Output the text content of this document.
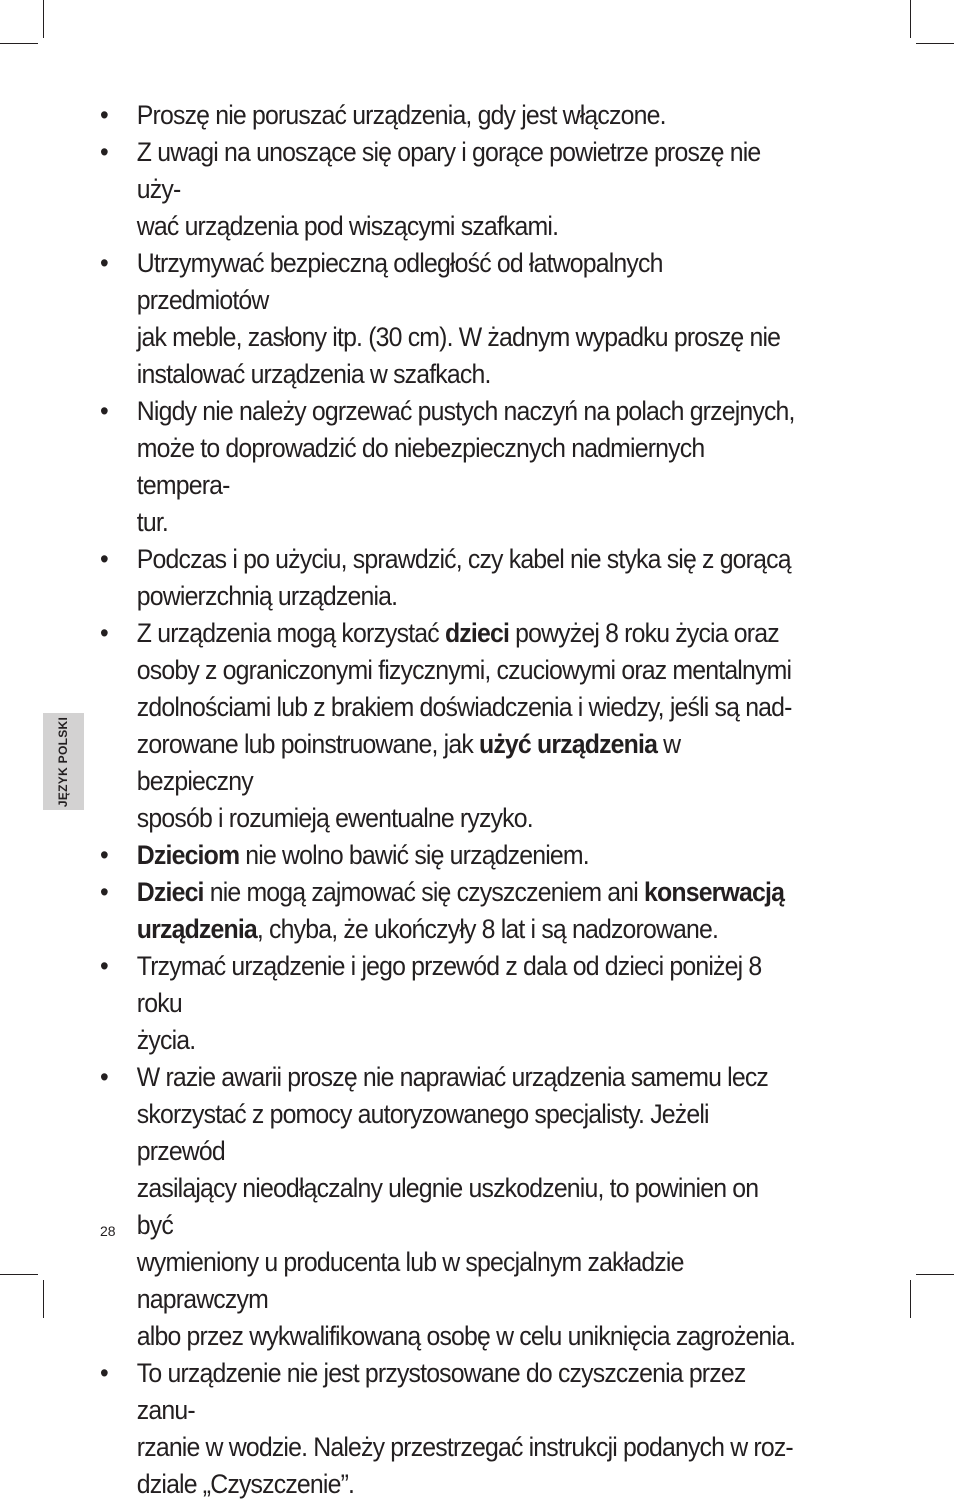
•	Proszę nie poruszać urządzenia, gdy jest włączone.

•	Z uwagi na unoszące się opary i gorące powietrze proszę nie uży-
wać urządzenia pod wiszącymi szafkami.

•	Utrzymywać bezpieczną odległość od łatwopalnych przedmiotów
jak meble, zasłony itp. (30 cm). W żadnym wypadku proszę nie
instalować urządzenia w szafkach.

•	Nigdy nie należy ogrzewać pustych naczyń na polach grzejnych,
może to doprowadzić do niebezpiecznych nadmiernych tempera-
tur.

•	Podczas i po użyciu, sprawdzić, czy kabel nie styka się z gorącą
powierzchnią urządzenia.

•	Z urządzenia mogą korzystać dzieci powyżej 8 roku życia oraz
osoby z ograniczonymi fizycznymi, czuciowymi oraz mentalnymi
zdolnościami lub z brakiem doświadczenia i wiedzy, jeśli są nad-
zorowane lub poinstruowane, jak użyć urządzenia w bezpieczny
sposób i rozumieją ewentualne ryzyko.

•	Dzieciom nie wolno bawić się urządzeniem.

•	Dzieci nie mogą zajmować się czyszczeniem ani konserwacją
urządzenia, chyba, że ukończyły 8 lat i są nadzorowane.

•	Trzymać urządzenie i jego przewód z dala od dzieci poniżej 8 roku
życia.

•	W razie awarii proszę nie naprawiać urządzenia samemu lecz
skorzystać z pomocy autoryzowanego specjalisty. Jeżeli przewód
zasilający nieodłączalny ulegnie uszkodzeniu, to powinien on być
wymieniony u producenta lub w specjalnym zakładzie naprawczym
albo przez wykwalifikowaną osobę w celu uniknięcia zagrożenia.

•	To urządzenie nie jest przystosowane do czyszczenia przez zanu-
rzanie w wodzie. Należy przestrzegać instrukcji podanych w roz-
dziale „Czyszczenie”.

JĘZYK POLSKI
28
